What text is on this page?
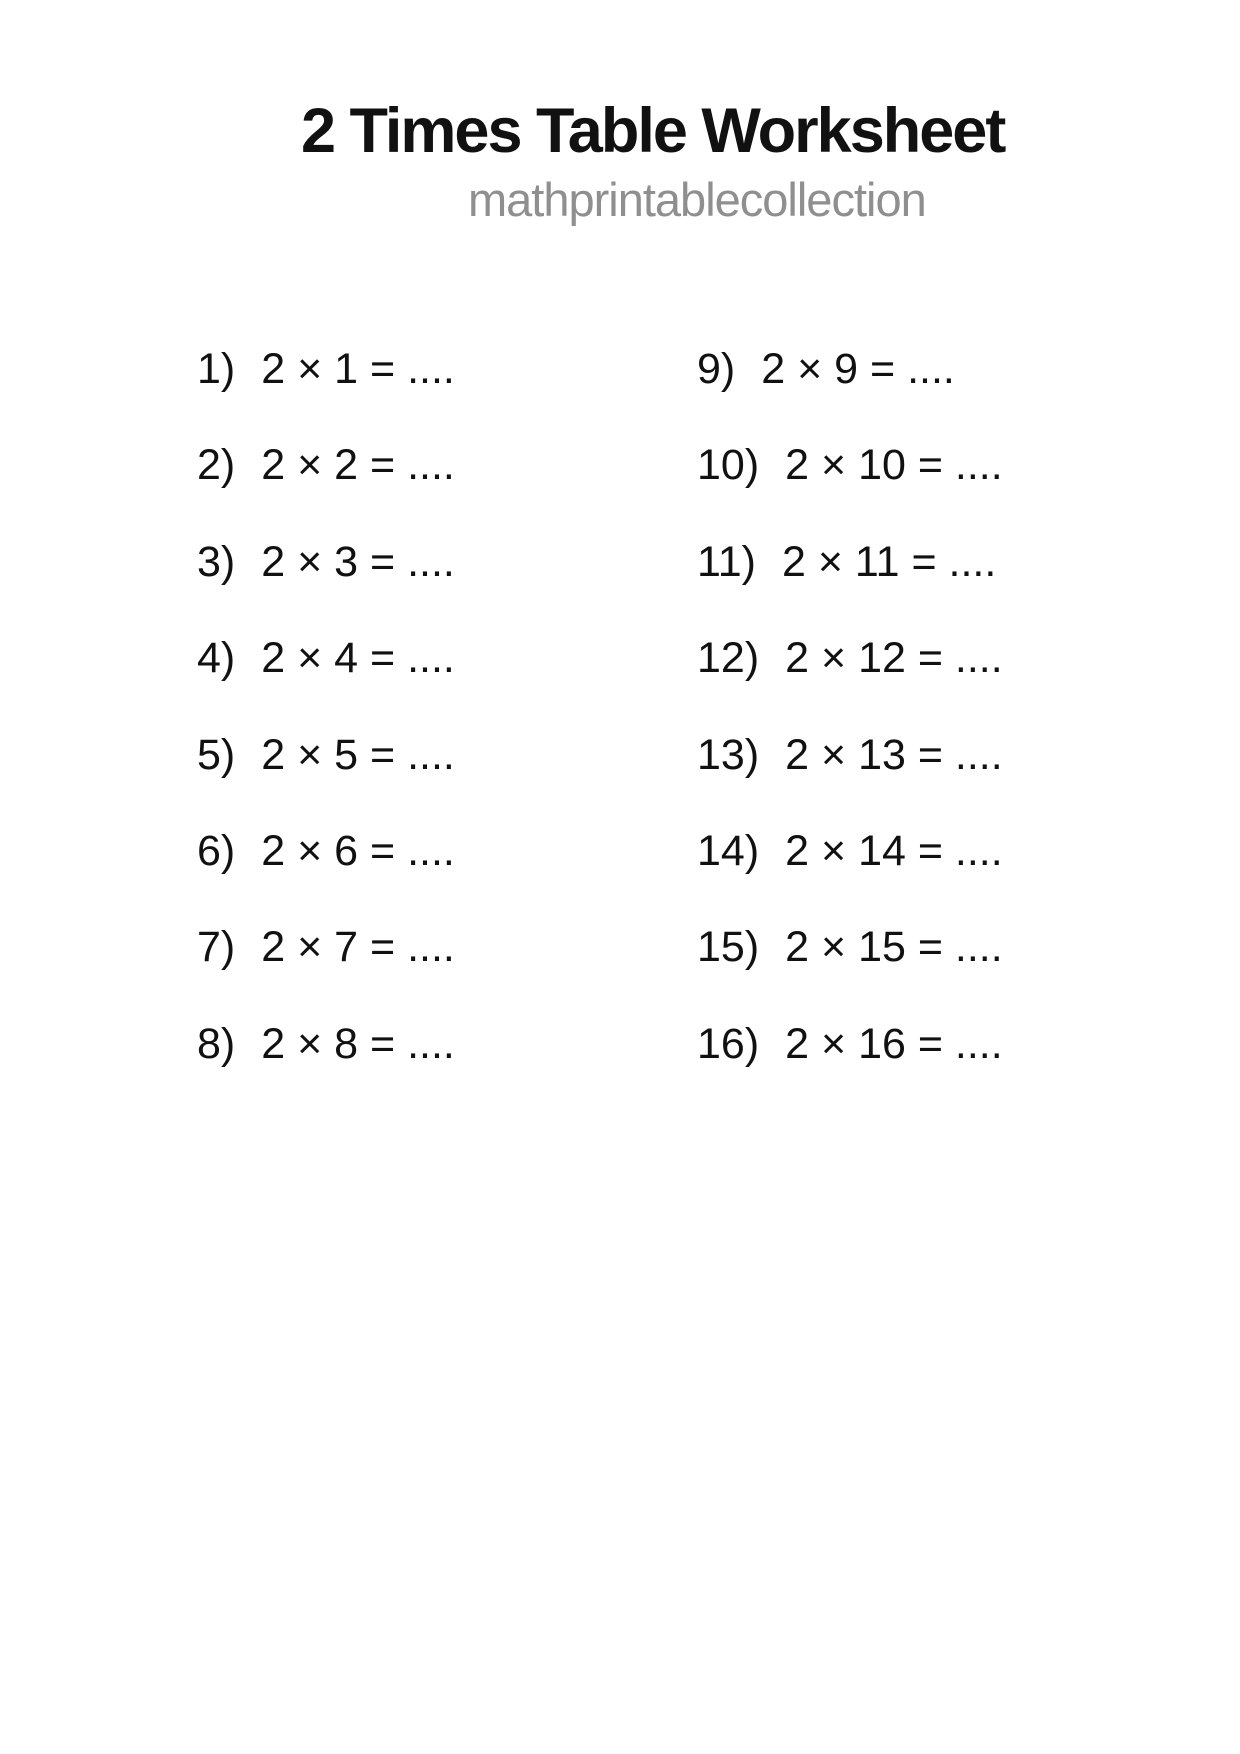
2 Times Table Worksheet
mathprintablecollection
1) 2 × 1 = ....
2) 2 × 2 = ....
3) 2 × 3 = ....
4) 2 × 4 = ....
5) 2 × 5 = ....
6) 2 × 6 = ....
7) 2 × 7 = ....
8) 2 × 8 = ....
9) 2 × 9 = ....
10) 2 × 10 = ....
11) 2 × 11 = ....
12) 2 × 12 = ....
13) 2 × 13 = ....
14) 2 × 14 = ....
15) 2 × 15 = ....
16) 2 × 16 = ....
